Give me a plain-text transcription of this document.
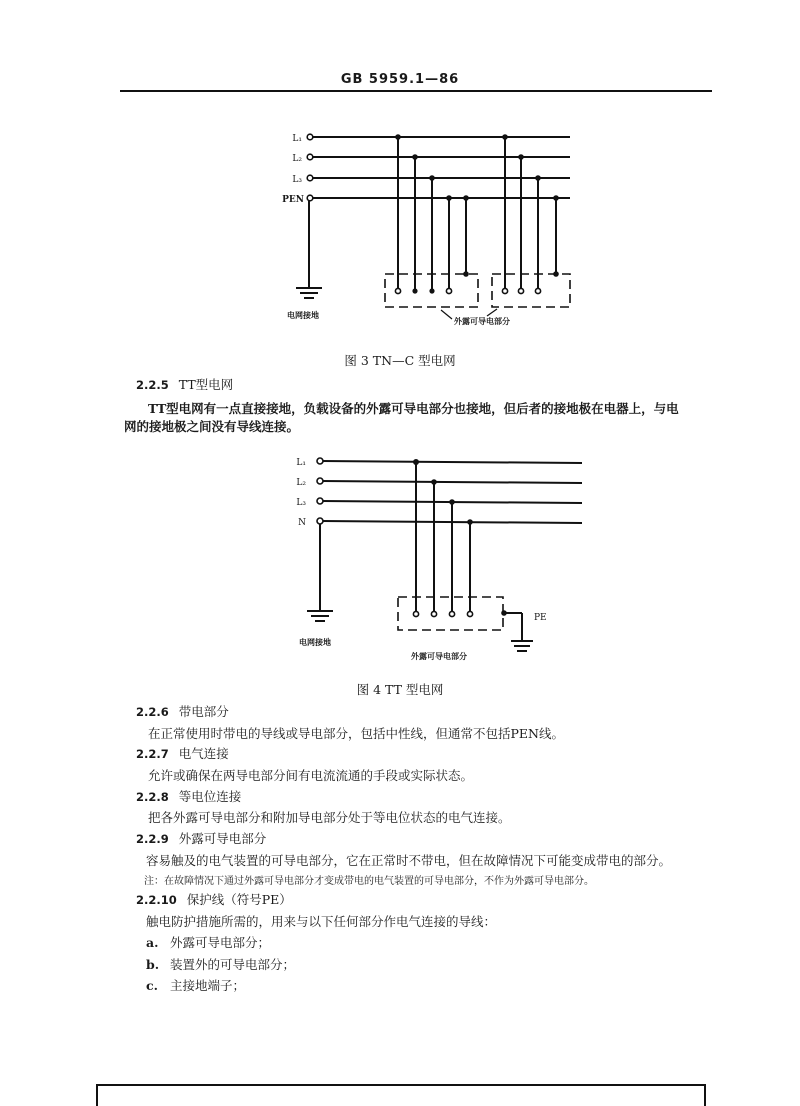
GB 5959.1—86
L₁
L₂
L₃
PEN
电网接地
外露可导电部分
图 3 TN—C 型电网
2.2.5 TT型电网
TT型电网有一点直接接地，负载设备的外露可导电部分也接地，但后者的接地极在电器上，与电
网的接地极之间没有导线连接。
L₁
L₂
L₃
N
PE
电网接地
外露可导电部分
图 4 TT 型电网
2.2.6 带电部分
在正常使用时带电的导线或导电部分，包括中性线，但通常不包括PEN线。
2.2.7 电气连接
允许或确保在两导电部分间有电流流通的手段或实际状态。
2.2.8 等电位连接
把各外露可导电部分和附加导电部分处于等电位状态的电气连接。
2.2.9 外露可导电部分
容易触及的电气装置的可导电部分，它在正常时不带电，但在故障情况下可能变成带电的部分。
注：在故障情况下通过外露可导电部分才变成带电的电气装置的可导电部分，不作为外露可导电部分。
2.2.10 保护线（符号PE）
触电防护措施所需的，用来与以下任何部分作电气连接的导线：
a. 外露可导电部分；
b. 装置外的可导电部分；
c. 主接地端子；
